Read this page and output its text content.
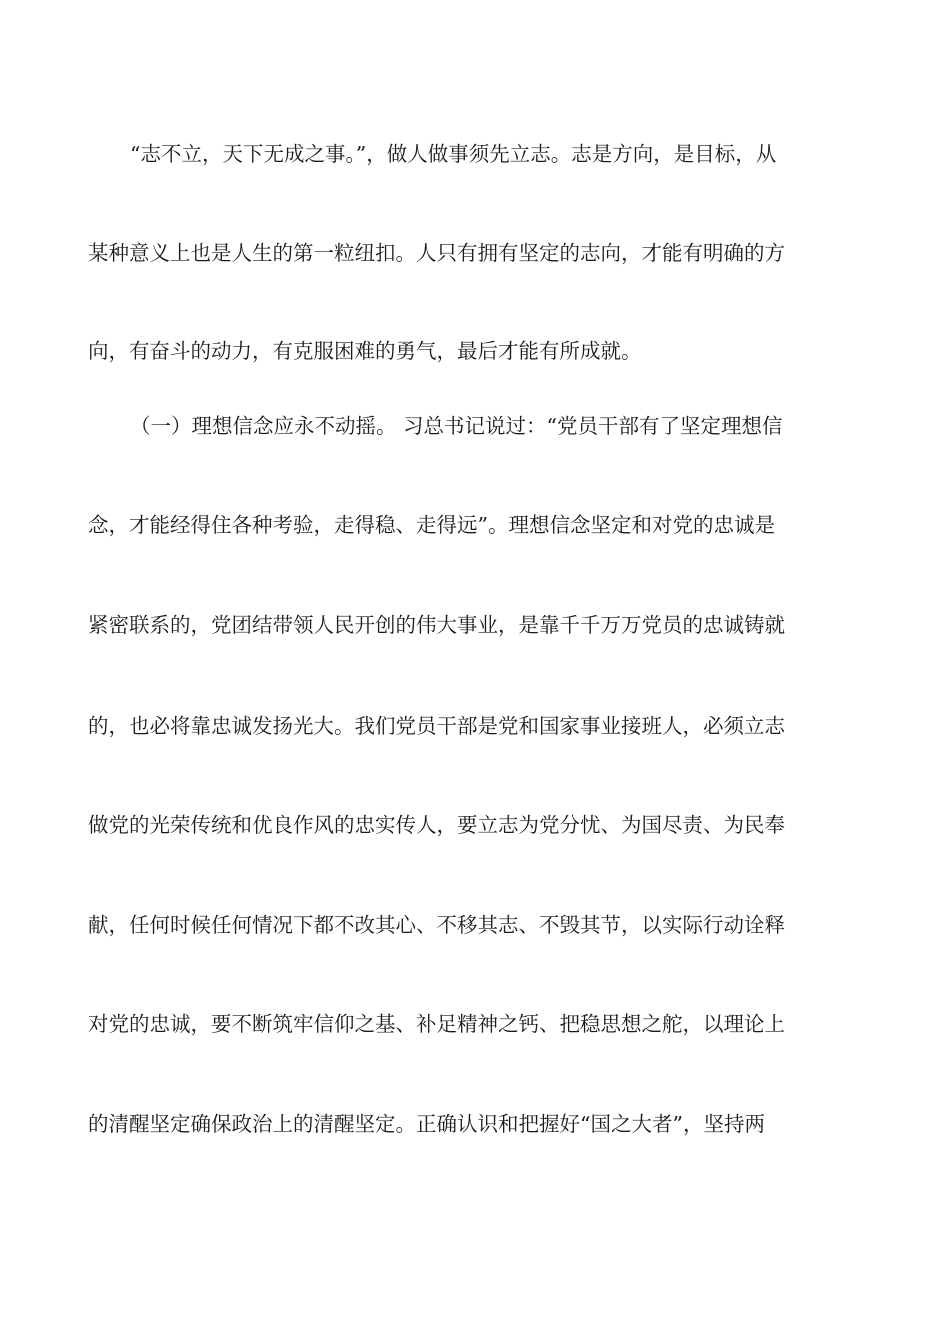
“志不立，天下无成之事。”，做人做事须先立志。志是方向，是目标，从
某种意义上也是人生的第一粒纽扣。人只有拥有坚定的志向，才能有明确的方
向，有奋斗的动力，有克服困难的勇气，最后才能有所成就。
（一）理想信念应永不动摇。 习总书记说过：“党员干部有了坚定理想信
念，才能经得住各种考验，走得稳、走得远”。理想信念坚定和对党的忠诚是
紧密联系的，党团结带领人民开创的伟大事业，是靠千千万万党员的忠诚铸就
的，也必将靠忠诚发扬光大。我们党员干部是党和国家事业接班人，必须立志
做党的光荣传统和优良作风的忠实传人，要立志为党分忧、为国尽责、为民奉
献，任何时候任何情况下都不改其心、不移其志、不毁其节，以实际行动诠释
对党的忠诚，要不断筑牢信仰之基、补足精神之钙、把稳思想之舵，以理论上
的清醒坚定确保政治上的清醒坚定。正确认识和把握好“国之大者”，坚持两
